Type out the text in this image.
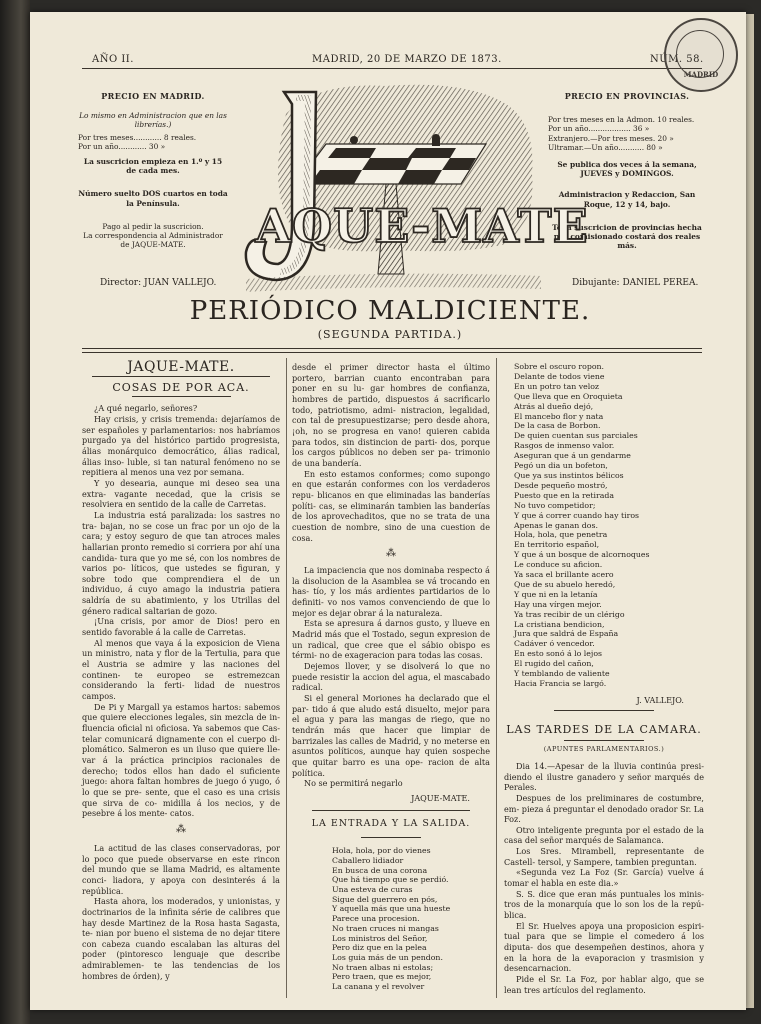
AÑO II.	MADRID, 20 DE MARZO DE 1873.	NÚM. 58.
MADRID
PRECIO EN MADRID.
Lo mismo en Administracion que en las librerías.)
Por tres meses............ 8 reales.
Por un año............ 30 »
La suscricion empieza en 1.º y 15 de cada mes.
Número suelto DOS cuartos en toda la Península.
Pago al pedir la suscricion.
La correspondencia al Administrador de JAQUE-MATE.
PRECIO EN PROVINCIAS.
Por tres meses en la Admon. 10 reales.
Por un año.................. 36 »
Extranjero.—Por tres meses. 20 »
Ultramar.—Un año........... 80 »
Se publica dos veces á la semana, JUEVES y DOMINGOS.
Administracion y Redaccion, San Roque, 12 y 14, bajo.
Toda suscricion de provincias hecha por comisionado costará dos reales más.
AQUE-MATE
Director: JUAN VALLEJO.	Dibujante: DANIEL PEREA.
PERIÓDICO MALDICIENTE.
(SEGUNDA PARTIDA.)
JAQUE-MATE.
COSAS DE POR ACA.

¿A qué negarlo, señores?

Hay crisis, y crisis tremenda: dejaríamos de ser españoles y parlamentarios: nos habríamos purgado ya del histórico partido progresista, álias monárquico democrático, álias radical, álias inso- luble, si tan natural fenómeno no se repitiera al menos una vez por semana.

Y yo desearia, aunque mi deseo sea una extra- vagante necedad, que la crisis se resolviera en sentido de la calle de Carretas.

La industria está paralizada: los sastres no tra- bajan, no se cose un frac por un ojo de la cara; y estoy seguro de que tan atroces males hallarian pronto remedio si corriera por ahí una candida- tura que yo me sé, con los nombres de varios po- líticos, que ustedes se figuran, y sobre todo que comprendiera el de un individuo, á cuyo amago la industria patiera saldría de su abatimiento, y los Utrillas del género radical saltarian de gozo.

¡Una crisis, por amor de Dios! pero en sentido favorable á la calle de Carretas.

Al menos que vaya á la exposicion de Viena un ministro, nata y flor de la Tertulia, para que el Austria se admire y las naciones del continen- te europeo se estremezcan considerando la ferti- lidad de nuestros campos.

De Pi y Margall ya estamos hartos: sabemos que quiere elecciones legales, sin mezcla de in- fluencia oficial ni oficiosa. Ya sabemos que Cas- telar comunicará dignamente con el cuerpo di- plomático. Salmeron es un iluso que quiere lle- var á la práctica principios racionales de derecho; todos ellos han dado el suficiente juego: ahora faltan hombres de juego ó yugo, ó lo que se pre- sente, que el caso es una crisis que sirva de co- midilla á los necios, y de pesebre á los mente- catos.

⁂

La actitud de las clases conservadoras, por lo poco que puede observarse en este rincon del mundo que se llama Madrid, es altamente conci- liadora, y apoya con desinterés á la república.

Hasta ahora, los moderados, y unionistas, y doctrinarios de la infinita série de calibres que hay desde Martinez de la Rosa hasta Sagasta, te- nian por bueno el sistema de no dejar titere con cabeza cuando escalaban las alturas del poder (pintoresco lenguaje que describe admirablemen- te las tendencias de los hombres de órden), y

desde el primer director hasta el último portero, barrian cuanto encontraban para poner en su lu- gar hombres de confianza, hombres de partido, dispuestos á sacrificarlo todo, patriotismo, admi- nistracion, legalidad, con tal de presupuestizarse; pero desde ahora, ¡oh, no se progresa en vano! quieren cabida para todos, sin distincion de parti- dos, porque los cargos públicos no deben ser pa- trimonio de una bandería.

En esto estamos conformes; como supongo en que estarán conformes con los verdaderos repu- blicanos en que eliminadas las banderías políti- cas, se eliminarán tambien las banderías de los aprovechaditos, que no se trata de una cuestion de nombre, sino de una cuestion de cosa.

⁂

La impaciencia que nos dominaba respecto á la disolucion de la Asamblea se vá trocando en has- tío, y los más ardientes partidarios de lo definiti- vo nos vamos convenciendo de que lo mejor es dejar obrar á la naturaleza.

Esta se apresura á darnos gusto, y llueve en Madrid más que el Tostado, segun expresion de un radical, que cree que el sábio obispo es térmi- no de exageracion para todas las cosas.

Dejemos llover, y se disolverá lo que no puede resistir la accion del agua, el mascabado radical.

Si el general Moriones ha declarado que el par- tido á que aludo está disuelto, mejor para el agua y para las mangas de riego, que no tendrán más que hacer que limpiar de barrizales las calles de Madrid, y no meterse en asuntos políticos, aunque hay quien sospeche que quitar barro es una ope- racion de alta política.

No se permitirá negarlo

JAQUE-MATE.
LA ENTRADA Y LA SALIDA.

Hola, hola, por do vienes

Caballero lidiador

En busca de una corona

Que há tiempo que se perdió.

Una esteva de curas

Sigue del guerrero en pós,

Y aquella más que una hueste

Parece una procesion.

No traen cruces ni mangas

Los ministros del Señor,

Pero diz que en la pelea

Los guia más de un pendon.

No traen albas ni estolas;

Pero traen, que es mejor,

La canana y el revolver

Sobre el oscuro ropon.

Delante de todos viene

En un potro tan veloz

Que lleva que en Oroquieta

Atrás al dueño dejó,

El mancebo flor y nata

De la casa de Borbon.

De quien cuentan sus parciales

Rasgos de inmenso valor.

Aseguran que á un gendarme

Pegó un dia un bofeton,

Que ya sus instintos bélicos

Desde pequeño mostró,

Puesto que en la retirada

No tuvo competidor;

Y que á correr cuando hay tiros

Apenas le ganan dos.

Hola, hola, que penetra

En territorio español,

Y que á un bosque de alcornoques

Le conduce su aficion.

Ya saca el brillante acero

Que de su abuelo heredó,

Y que ni en la letanía

Hay una vírgen mejor.

Ya tras recibir de un clérigo

La cristiana bendicion,

Jura que saldrá de España

Cadáver ó vencedor.

En esto sonó á lo lejos

El rugido del cañon,

Y temblando de valiente

Hacia Francia se largó.

J. VALLEJO.
LAS TARDES DE LA CAMARA.
(APUNTES PARLAMENTARIOS.)

Dia 14.—Apesar de la lluvia continúa presi- diendo el ilustre ganadero y señor marqués de Perales.

Despues de los preliminares de costumbre, em- pieza á preguntar el denodado orador Sr. La Foz.

Otro inteligente pregunta por el estado de la casa del señor marqués de Salamanca.

Los Sres. Mirambell, representante de Castell- tersol, y Sampere, tambien preguntan.

«Segunda vez La Foz (Sr. García) vuelve á tomar el habla en este dia.»

S. S. dice que eran más puntuales los minis- tros de la monarquía que lo son los de la repú- blica.

El Sr. Huelves apoya una proposicion espiri- tual para que se limpie el comedero á los diputa- dos que desempeñen destinos, ahora y en la hora de la evaporacion y trasmision y desencarnacion.

Pide el Sr. La Foz, por hablar algo, que se lean tres artículos del reglamento.
